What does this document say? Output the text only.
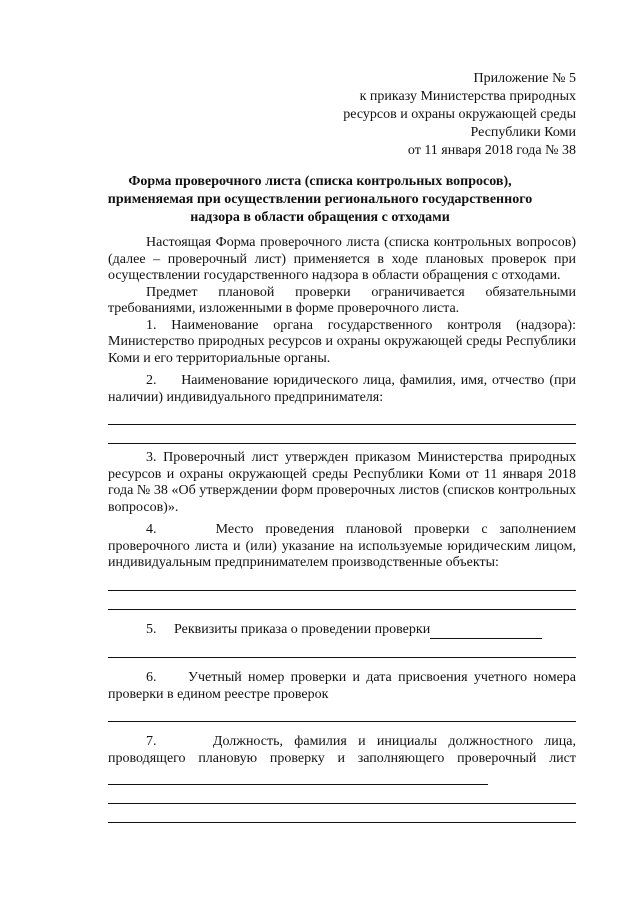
Приложение № 5
к приказу Министерства природных
ресурсов и охраны окружающей среды
Республики Коми
от 11 января 2018 года № 38
Форма проверочного листа (списка контрольных вопросов),
применяемая при осуществлении регионального государственного
надзора в области обращения с отходами

Настоящая Форма проверочного листа (списка контрольных вопросов) (далее – проверочный лист) применяется в ходе плановых проверок при осуществлении государственного надзора в области обращения с отходами.

Предмет плановой проверки ограничивается обязательными требованиями, изложенными в форме проверочного листа.

1. Наименование органа государственного контроля (надзора): Министерство природных ресурсов и охраны окружающей среды Республики Коми и его территориальные органы.

2.     Наименование юридического лица, фамилия, имя, отчество (при наличии) индивидуального предпринимателя:

3. Проверочный лист утвержден приказом Министерства природных ресурсов и охраны окружающей среды Республики Коми от 11 января 2018 года № 38 «Об утверждении форм проверочных листов (списков контрольных вопросов)».

4.     Место проведения плановой проверки с заполнением проверочного листа и (или) указание на используемые юридическим лицом, индивидуальным предпринимателем производственные объекты:

5.     Реквизиты приказа о проведении проверки

6.     Учетный номер проверки и дата присвоения учетного номера проверки в едином реестре проверок

7.     Должность, фамилия и инициалы должностного лица, проводящего плановую проверку и заполняющего проверочный лист
